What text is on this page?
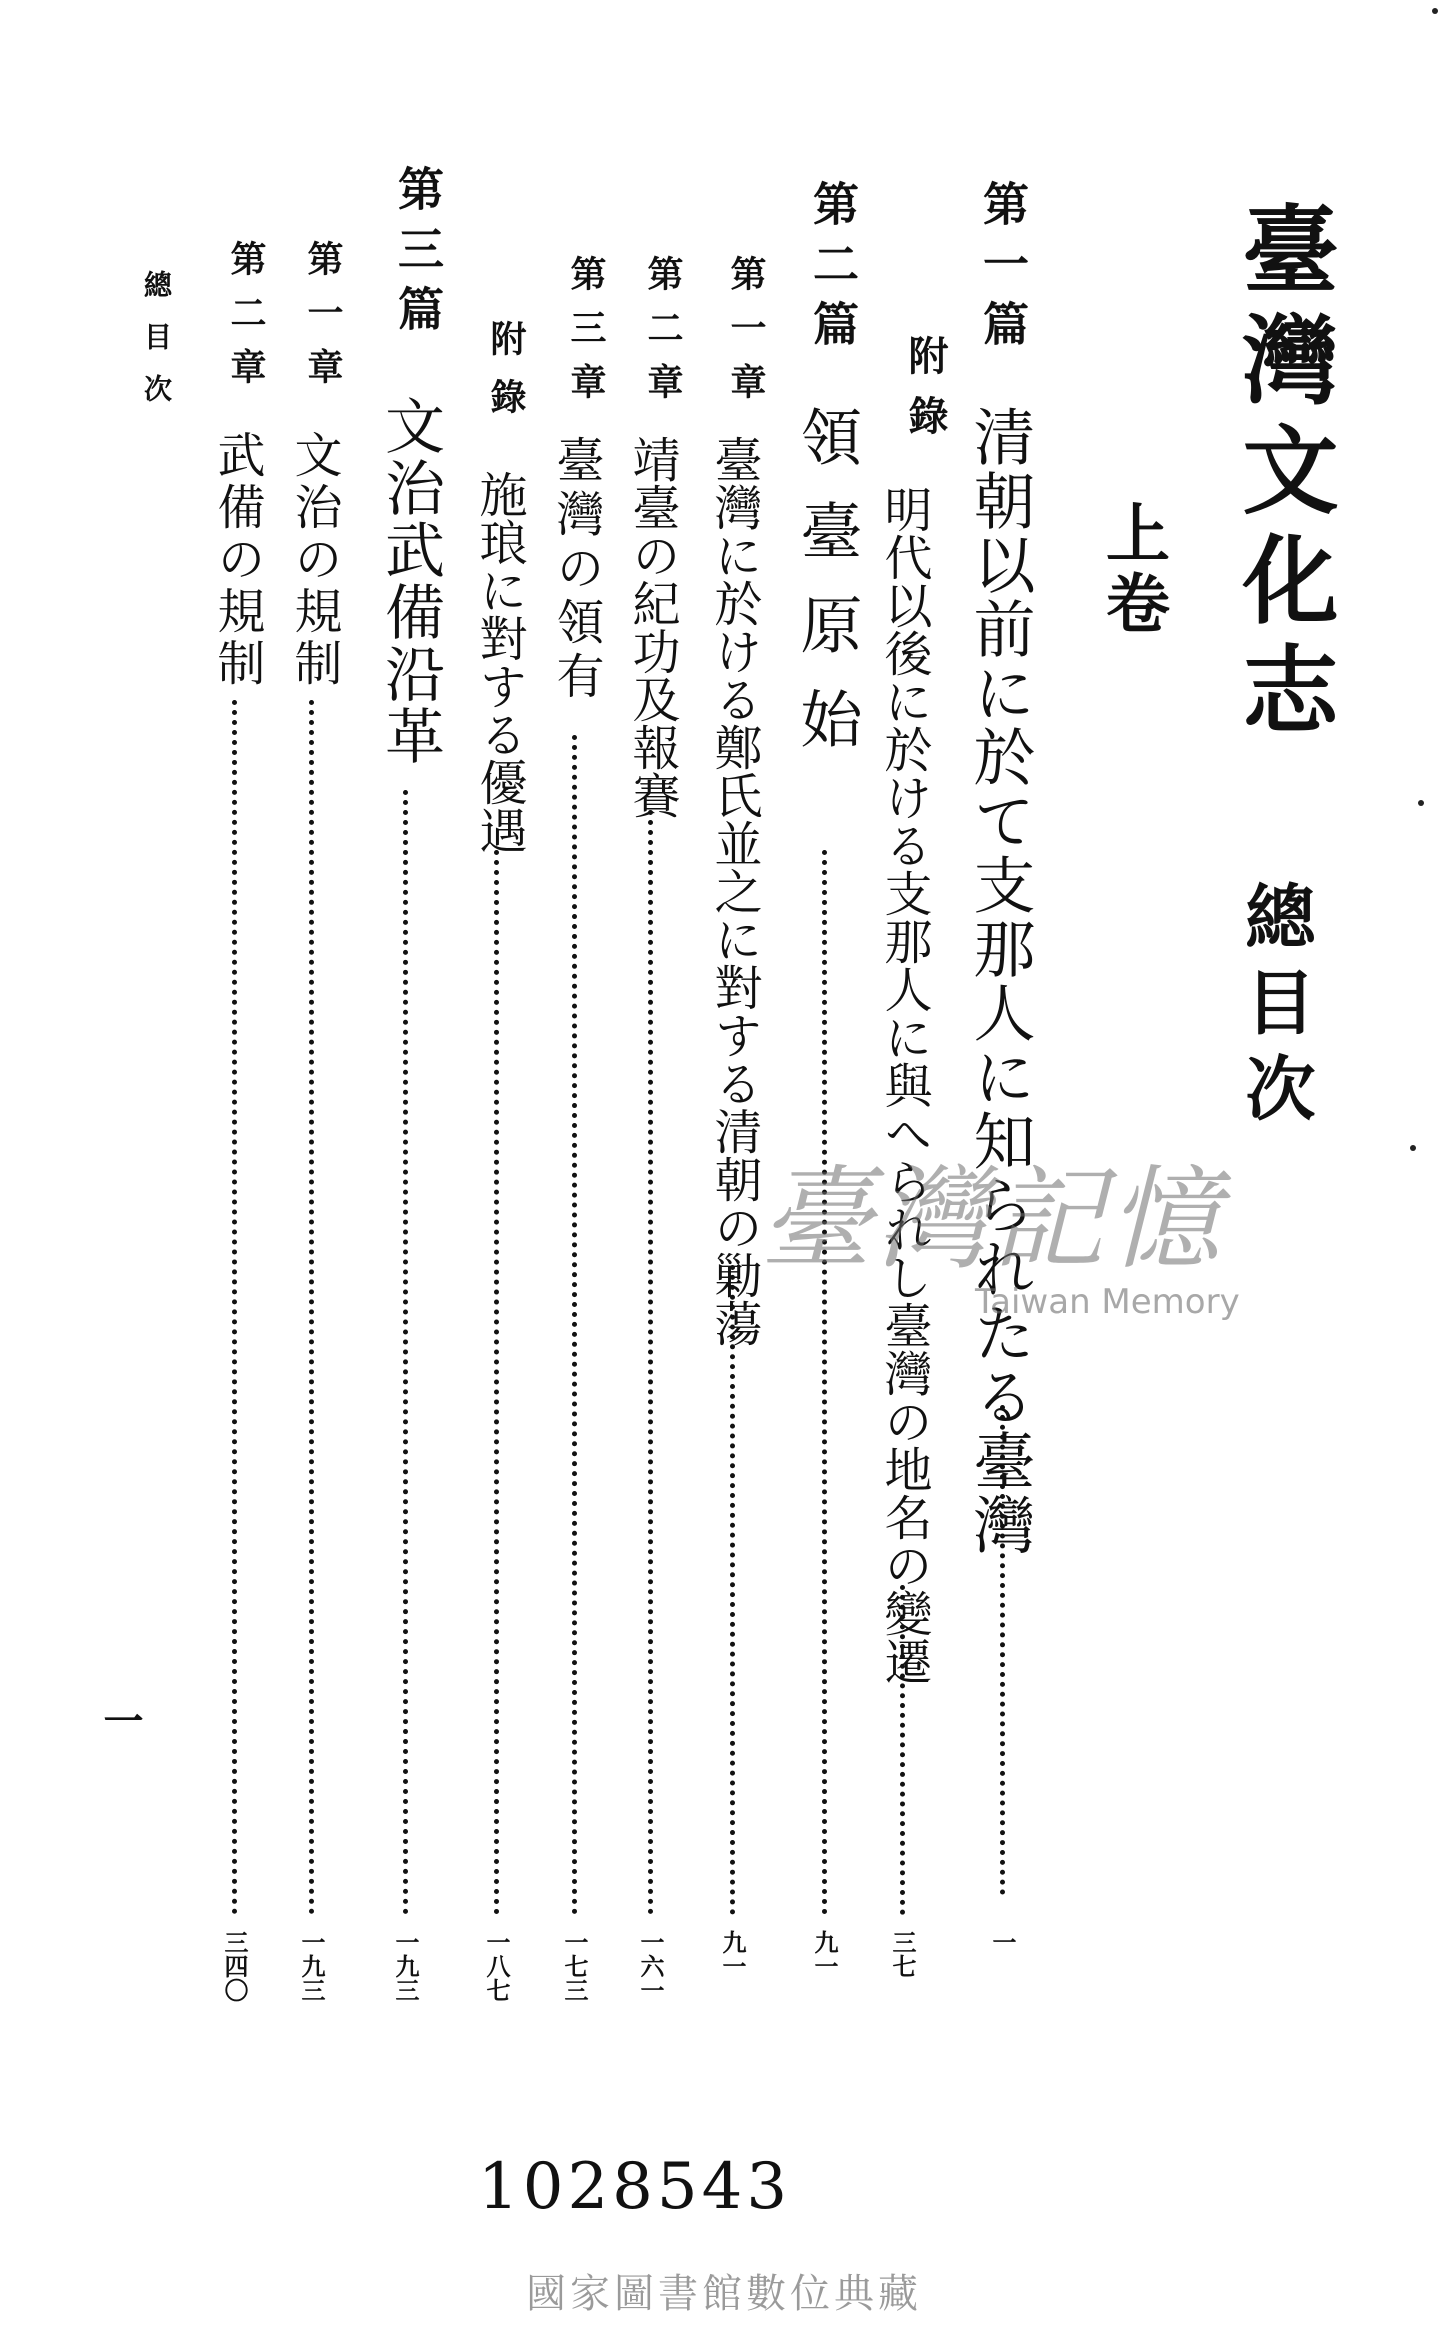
臺灣文化志
總目次
上卷
第一篇
清朝以前に於て支那人に知られたる臺灣
一
附錄
明代以後に於ける支那人に與へられし臺灣の地名の變遷
三七
第二篇
領臺原始
九一
第一章
臺灣に於ける鄭氏並之に對する清朝の勦蕩
九一
第二章
靖臺の紀功及報賽
一六一
第三章
臺灣の領有
一七三
附錄
施琅に對する優遇
一八七
第三篇
文治武備沿革
一九三
第一章
文治の規制
一九三
第二章
武備の規制
三四〇
總目次
一
臺灣記憶
Taiwan Memory
1028543
國家圖書館數位典藏
